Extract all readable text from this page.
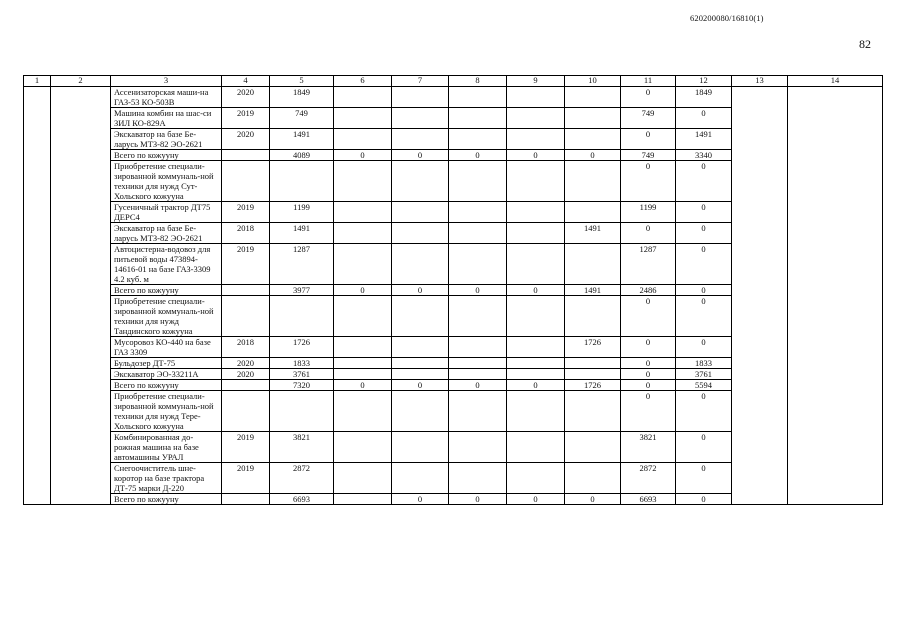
620200080/16810(1)
82
1	2	3	4	5	6	7	8	9	10	11	12	13	14
		Ассенизаторская маши-на ГАЗ-53 КО-503В	2020	1849						0	1849		
		Машина комбин на шас-си ЗИЛ КО-829А	2019	749						749	0		
		Экскаватор на базе Бе-ларусь МТЗ-82 ЭО-2621	2020	1491						0	1491		
		Всего по кожууну		4089	0	0	0	0	0	749	3340		
		Приобретение специали-зированной коммуналь-ной техники для нужд Сут-Хольского кожууна								0	0		
		Гусеничный трактор ДТ75 ДЕРС4	2019	1199						1199	0		
		Экскаватор на базе Бе-ларусь МТЗ-82 ЭО-2621	2018	1491					1491	0	0		
		Автоцистерна-водовоз для питьевой воды 473894-14616-01 на базе ГАЗ-3309 4.2 куб. м	2019	1287						1287	0		
		Всего по кожууну		3977	0	0	0	0	1491	2486	0		
		Приобретение специали-зированной коммуналь-ной техники для нужд Тандинского кожууна								0	0		
		Мусоровоз КО-440 на базе ГАЗ 3309	2018	1726					1726	0	0		
		Бульдозер ДТ-75	2020	1833						0	1833		
		Экскаватор ЭО-33211А	2020	3761						0	3761		
		Всего по кожууну		7320	0	0	0	0	1726	0	5594		
		Приобретение специали-зированной коммуналь-ной техники для нужд Тере-Хольского кожууна								0	0		
		Комбинированная до-рожная машина на базе автомашины УРАЛ	2019	3821						3821	0		
		Снегоочиститель шне-коротор на базе трактора ДТ-75 марки Д-220	2019	2872						2872	0		
		Всего по кожууну		6693		0	0	0	0	6693	0		
